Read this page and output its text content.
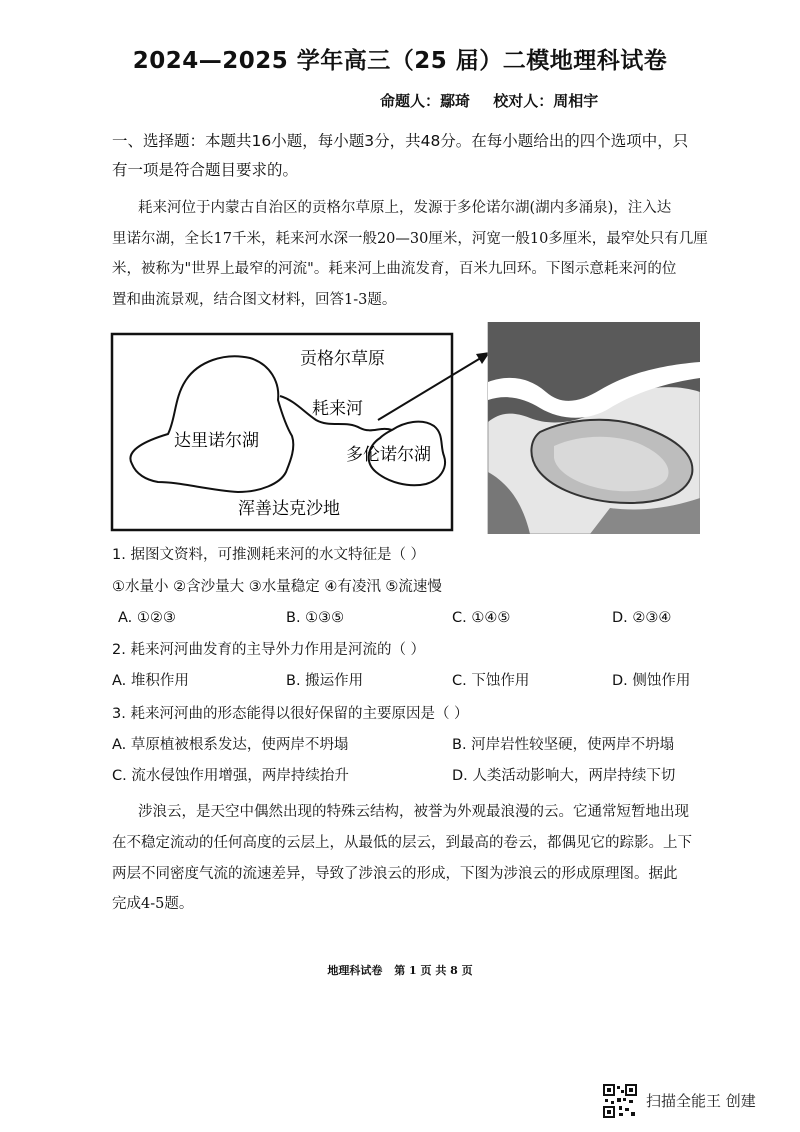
2024—2025 学年高三（25 届）二模地理科试卷
命题人：鄢琦 校对人：周相宇
一、选择题：本题共16小题，每小题3分，共48分。在每小题给出的四个选项中，只
有一项是符合题目要求的。
耗来河位于内蒙古自治区的贡格尔草原上，发源于多伦诺尔湖(湖内多涌泉)，注入达
里诺尔湖，全长17千米，耗来河水深一般20—30厘米，河宽一般10多厘米，最窄处只有几厘
米，被称为"世界上最窄的河流"。耗来河上曲流发育，百米九回环。下图示意耗来河的位
置和曲流景观，结合图文材料，回答1-3题。
贡格尔草原
耗来河
达里诺尔湖
多伦诺尔湖
浑善达克沙地
1. 据图文资料，可推测耗来河的水文特征是（ ）
①水量小 ②含沙量大 ③水量稳定 ④有凌汛 ⑤流速慢
A. ①②③	B. ①③⑤	C. ①④⑤	D. ②③④
2. 耗来河河曲发育的主导外力作用是河流的（ ）
A. 堆积作用	B. 搬运作用	C. 下蚀作用	D. 侧蚀作用
3. 耗来河河曲的形态能得以很好保留的主要原因是（ ）
A. 草原植被根系发达，使两岸不坍塌	B. 河岸岩性较坚硬，使两岸不坍塌
C. 流水侵蚀作用增强，两岸持续抬升	D. 人类活动影响大，两岸持续下切
涉浪云，是天空中偶然出现的特殊云结构，被誉为外观最浪漫的云。它通常短暂地出现
在不稳定流动的任何高度的云层上，从最低的层云，到最高的卷云，都偶见它的踪影。上下
两层不同密度气流的流速差异，导致了涉浪云的形成，下图为涉浪云的形成原理图。据此
完成4-5题。
地理科试卷 第 1 页 共 8 页
扫描全能王 创建
